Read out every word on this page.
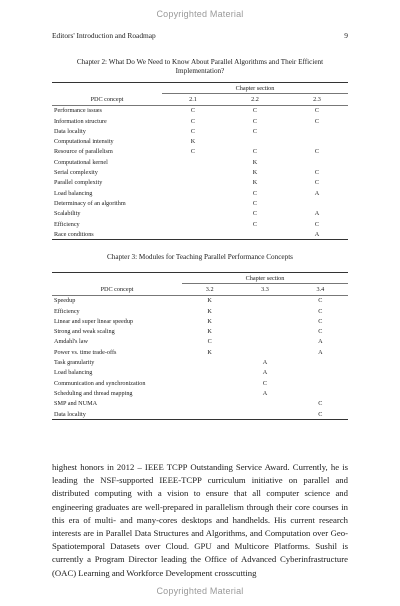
Copyrighted Material
Editors' Introduction and Roadmap	9
Chapter 2: What Do We Need to Know About Parallel Algorithms and Their Efficient Implementation?
	Chapter section		
PDC concept	2.1	2.2	2.3
Performance issues	C	C	C
Information structure	C	C	C
Data locality	C	C	
Computational intensity	K		
Resource of parallelism	C	C	C
Computational kernel		K	
Serial complexity		K	C
Parallel complexity		K	C
Load balancing		C	A
Determinacy of an algorithm		C	
Scalability		C	A
Efficiency		C	C
Race conditions			A
Chapter 3: Modules for Teaching Parallel Performance Concepts
	Chapter section		
PDC concept	3.2	3.3	3.4
Speedup	K		C
Efficiency	K		C
Linear and super linear speedup	K		C
Strong and weak scaling	K		C
Amdahl's law	C		A
Power vs. time trade-offs	K		A
Task granularity		A	
Load balancing		A	
Communication and synchronization		C	
Scheduling and thread mapping		A	
SMP and NUMA			C
Data locality			C
highest honors in 2012 – IEEE TCPP Outstanding Service Award. Currently, he is leading the NSF-supported IEEE-TCPP curriculum initiative on parallel and distributed computing with a vision to ensure that all computer science and engineering graduates are well-prepared in parallelism through their core courses in this era of multi- and many-cores desktops and handhelds. His current research interests are in Parallel Data Structures and Algorithms, and Computation over Geo-Spatiotemporal Datasets over Cloud. GPU and Multicore Platforms. Sushil is currently a Program Director leading the Office of Advanced Cyberinfrastructure (OAC) Learning and Workforce Development crosscutting
Copyrighted Material
